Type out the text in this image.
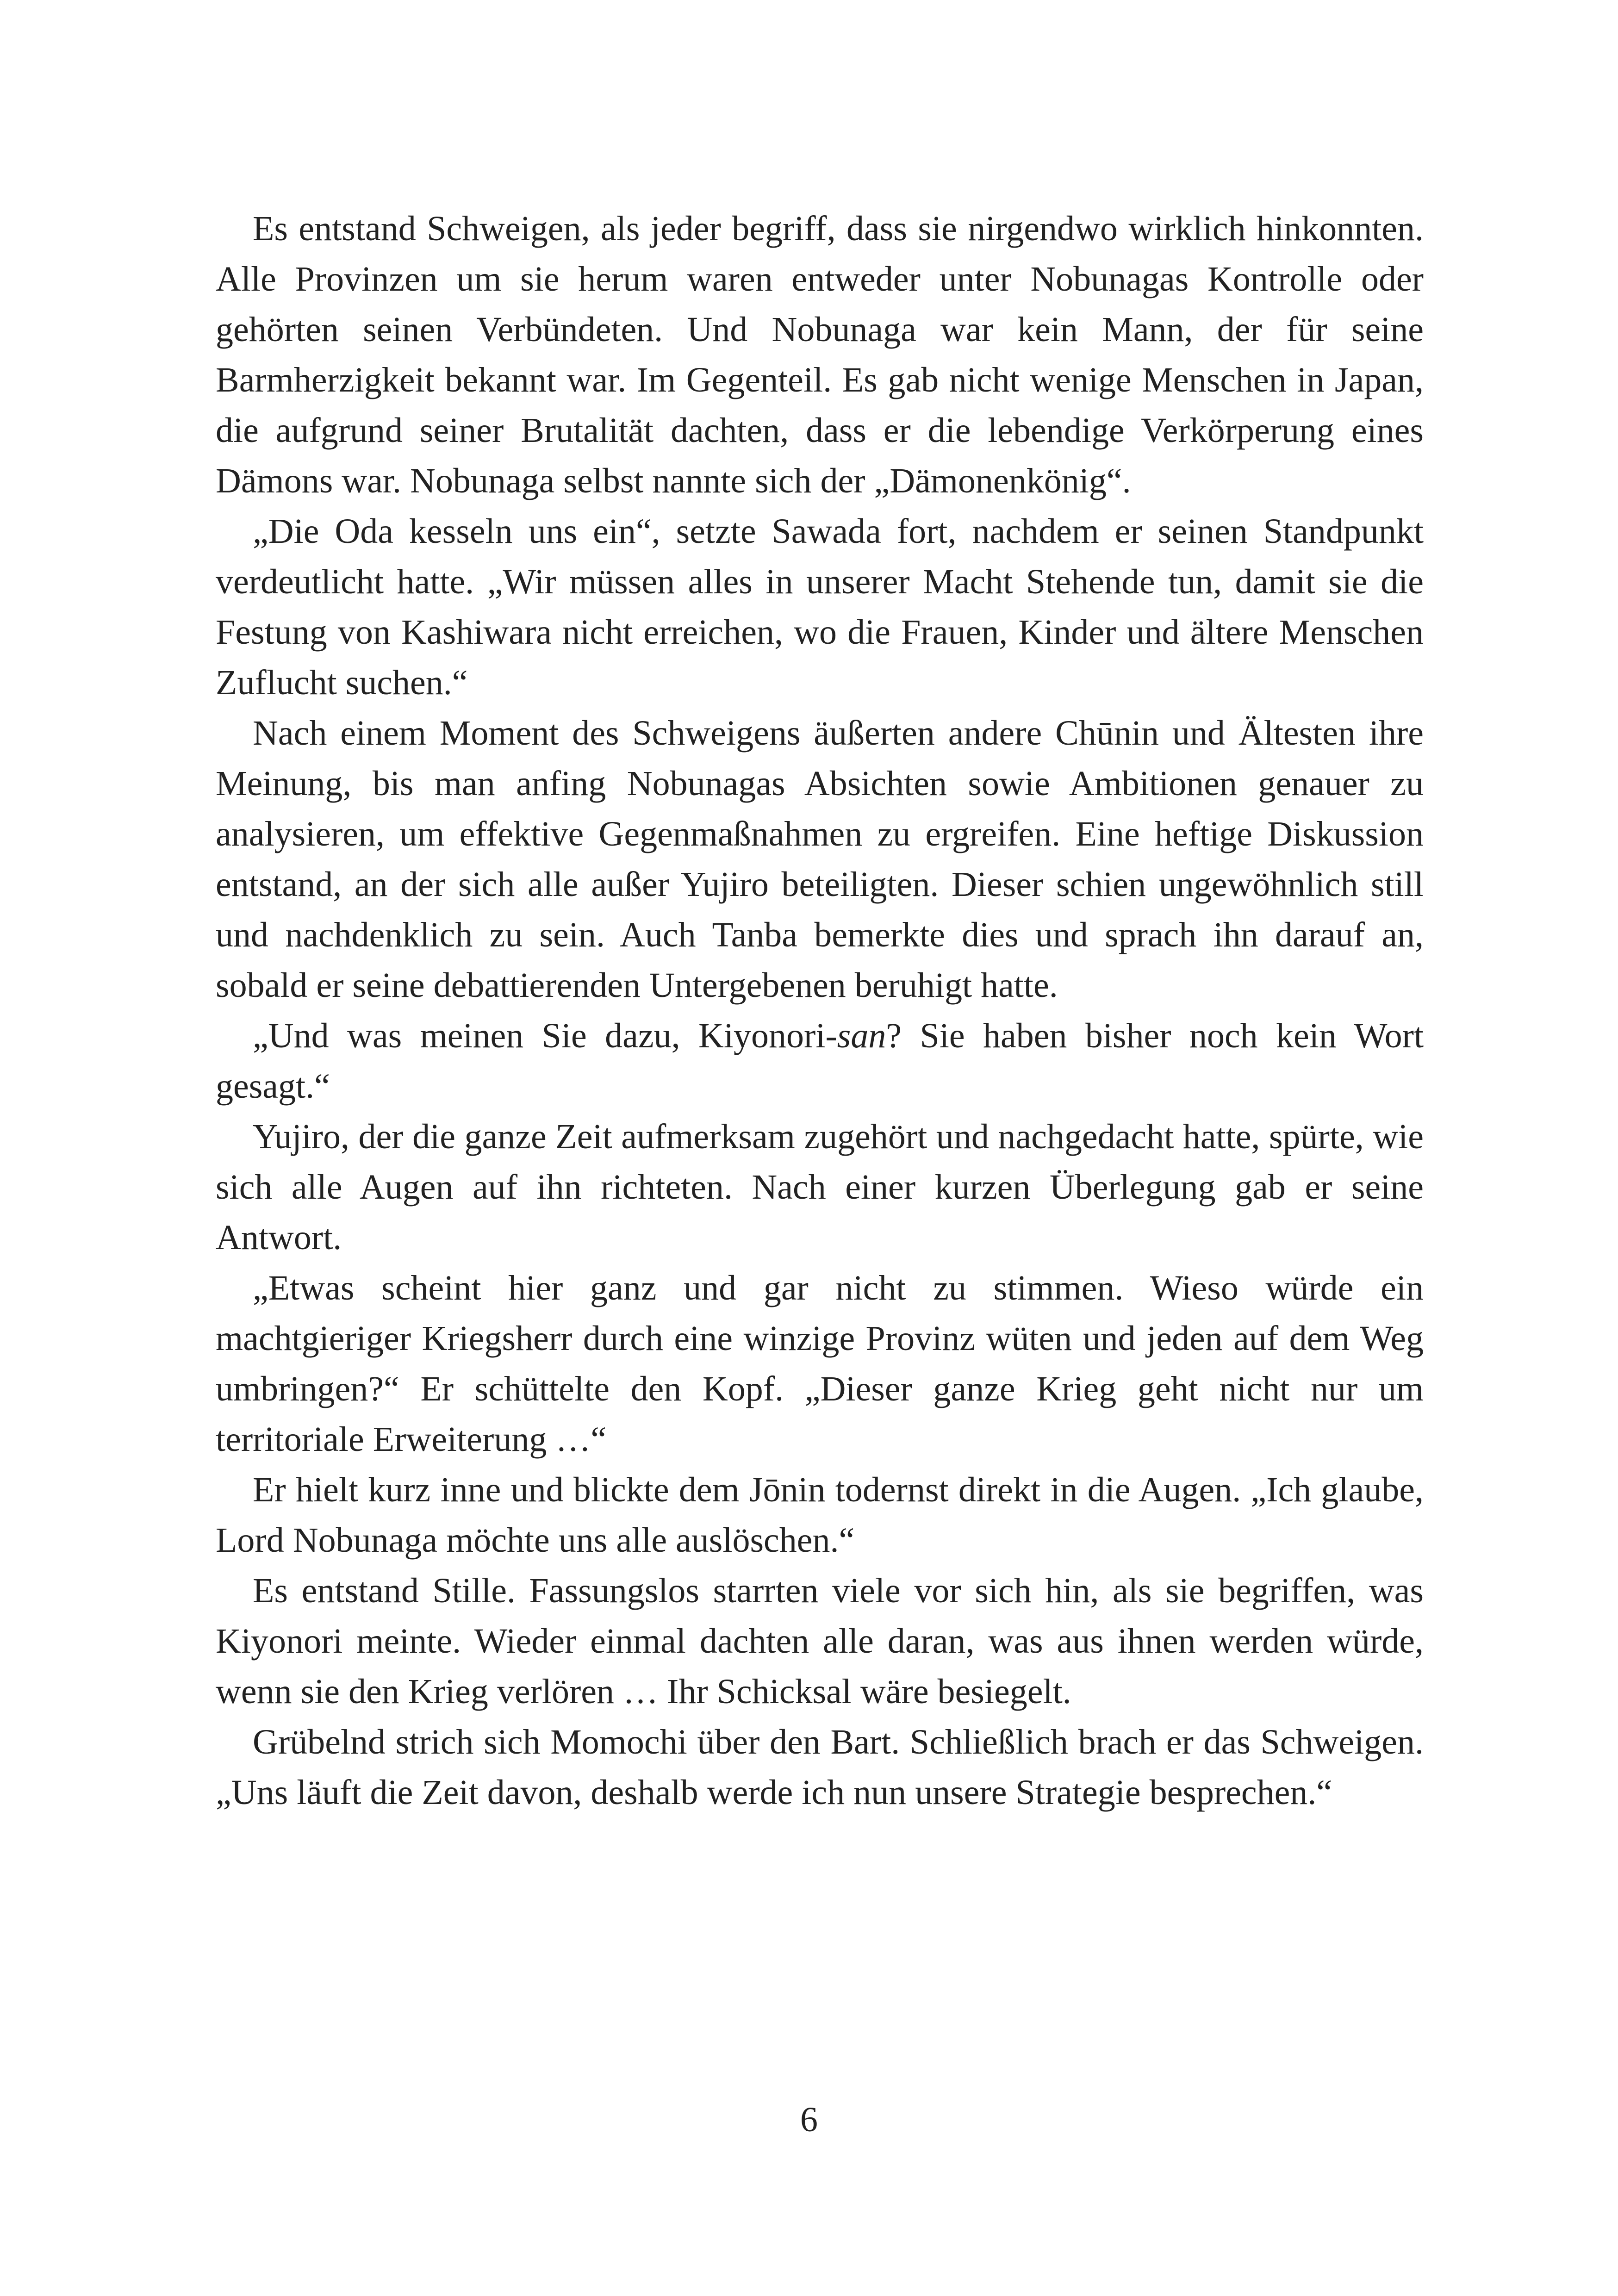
Es entstand Schweigen, als jeder begriff, dass sie nirgendwo wirklich hinkonnten. Alle Provinzen um sie herum waren entweder unter Nobunagas Kontrolle oder gehörten seinen Verbündeten. Und Nobunaga war kein Mann, der für seine Barmherzigkeit bekannt war. Im Gegenteil. Es gab nicht wenige Menschen in Japan, die aufgrund seiner Brutalität dachten, dass er die lebendige Verkörperung eines Dämons war. Nobunaga selbst nannte sich der „Dämonenkönig“.

„Die Oda kesseln uns ein“, setzte Sawada fort, nachdem er seinen Standpunkt verdeutlicht hatte. „Wir müssen alles in unserer Macht Stehende tun, damit sie die Festung von Kashiwara nicht erreichen, wo die Frauen, Kinder und ältere Menschen Zuflucht suchen.“

Nach einem Moment des Schweigens äußerten andere Chūnin und Ältesten ihre Meinung, bis man anfing Nobunagas Absichten sowie Ambitionen genauer zu analysieren, um effektive Gegenmaßnahmen zu ergreifen. Eine heftige Diskussion entstand, an der sich alle außer Yujiro beteiligten. Dieser schien ungewöhnlich still und nachdenklich zu sein. Auch Tanba bemerkte dies und sprach ihn darauf an, sobald er seine debattierenden Untergebenen beruhigt hatte.

„Und was meinen Sie dazu, Kiyonori-san? Sie haben bisher noch kein Wort gesagt.“

Yujiro, der die ganze Zeit aufmerksam zugehört und nachgedacht hatte, spürte, wie sich alle Augen auf ihn richteten. Nach einer kurzen Überlegung gab er seine Antwort.

„Etwas scheint hier ganz und gar nicht zu stimmen. Wieso würde ein machtgieriger Kriegsherr durch eine winzige Provinz wüten und jeden auf dem Weg umbringen?“ Er schüttelte den Kopf. „Dieser ganze Krieg geht nicht nur um territoriale Erweiterung …“

Er hielt kurz inne und blickte dem Jōnin todernst direkt in die Augen. „Ich glaube, Lord Nobunaga möchte uns alle auslöschen.“

Es entstand Stille. Fassungslos starrten viele vor sich hin, als sie begriffen, was Kiyonori meinte. Wieder einmal dachten alle daran, was aus ihnen werden würde, wenn sie den Krieg verlören … Ihr Schicksal wäre besiegelt.

Grübelnd strich sich Momochi über den Bart. Schließlich brach er das Schweigen. „Uns läuft die Zeit davon, deshalb werde ich nun unsere Strategie besprechen.“

6
